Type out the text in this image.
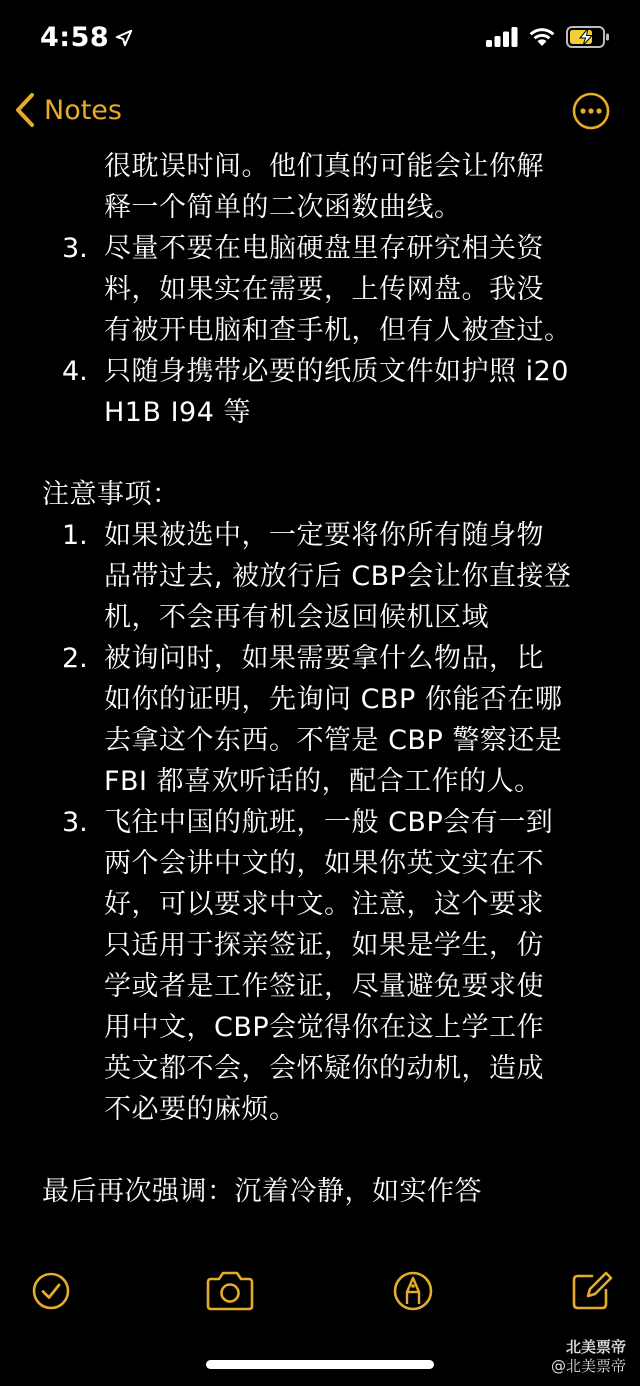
4:58
Notes
很耽误时间。他们真的可能会让你解
释一个简单的二次函数曲线。
3. 尽量不要在电脑硬盘里存研究相关资
料，如果实在需要，上传网盘。我没
有被开电脑和查手机，但有人被查过。
4. 只随身携带必要的纸质文件如护照 i20
H1B I94 等
注意事项：
1. 如果被选中，一定要将你所有随身物
品带过去, 被放行后 CBP会让你直接登
机，不会再有机会返回候机区域
2. 被询问时，如果需要拿什么物品，比
如你的证明，先询问 CBP 你能否在哪
去拿这个东西。不管是 CBP 警察还是
FBI 都喜欢听话的，配合工作的人。
3. 飞往中国的航班，一般 CBP会有一到
两个会讲中文的，如果你英文实在不
好，可以要求中文。注意，这个要求
只适用于探亲签证，如果是学生，仿
学或者是工作签证，尽量避免要求使
用中文，CBP会觉得你在这上学工作
英文都不会，会怀疑你的动机，造成
不必要的麻烦。
最后再次强调：沉着冷静，如实作答
北美票帝
@北美票帝
